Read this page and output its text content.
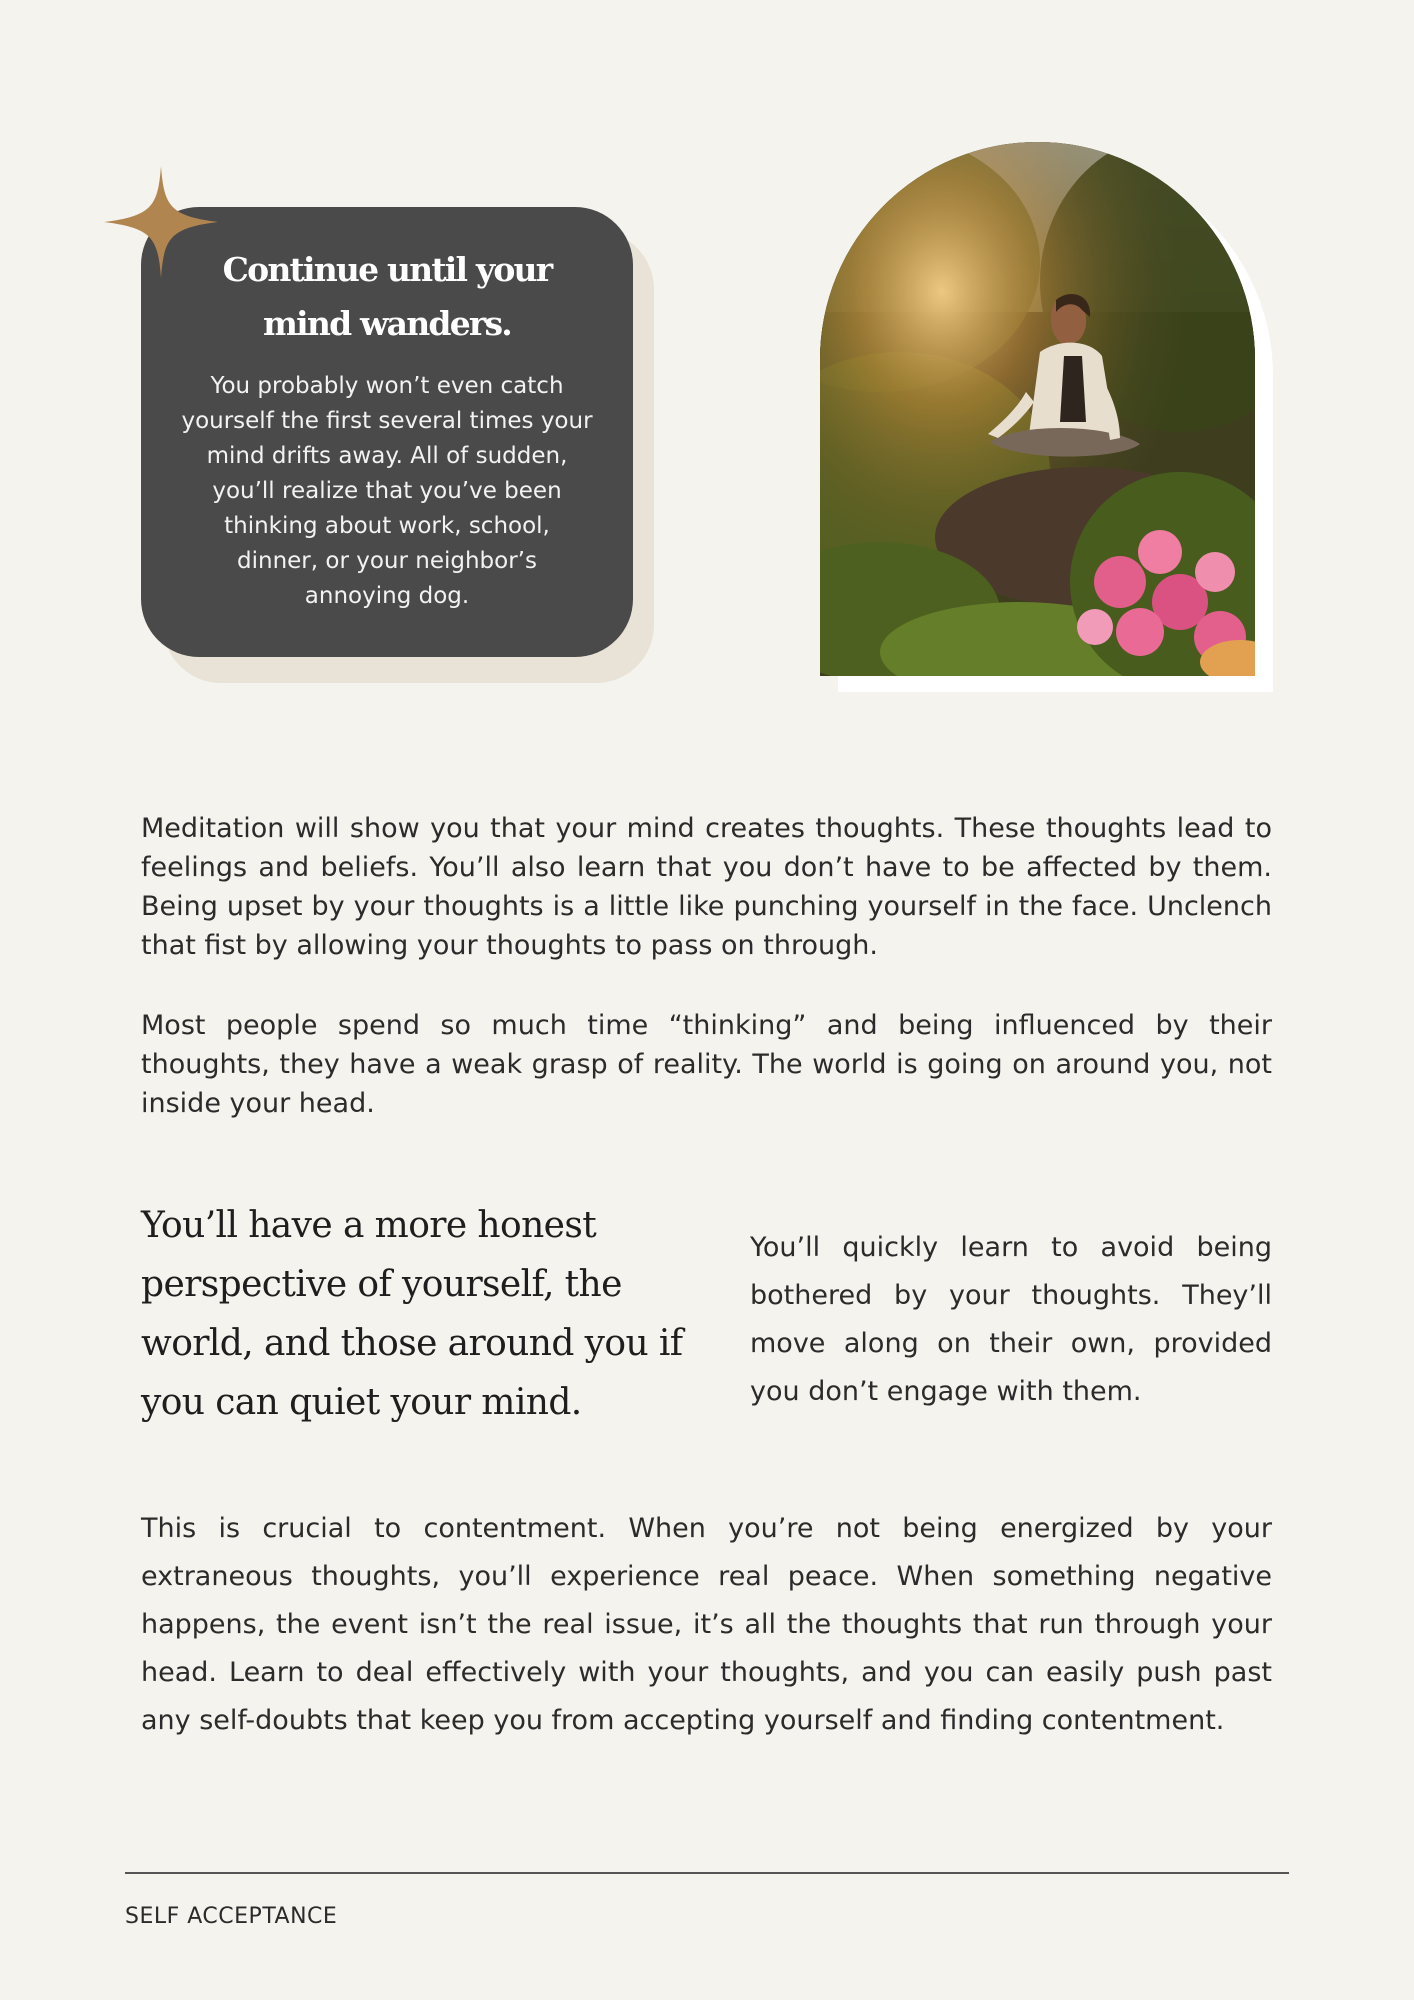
Continue until your mind wanders.

You probably won’t even catch yourself the first several times your mind drifts away. All of sudden, you’ll realize that you’ve been thinking about work, school, dinner, or your neighbor’s annoying dog.

Meditation will show you that your mind creates thoughts. These thoughts lead to feelings and beliefs. You’ll also learn that you don’t have to be affected by them. Being upset by your thoughts is a little like punching yourself in the face. Unclench that fist by allowing your thoughts to pass on through.

Most people spend so much time “thinking” and being influenced by their thoughts, they have a weak grasp of reality. The world is going on around you, not inside your head.

You’ll have a more honest perspective of yourself, the world, and those around you if you can quiet your mind.

You’ll quickly learn to avoid being bothered by your thoughts. They’ll move along on their own, provided you don’t engage with them.

This is crucial to contentment. When you’re not being energized by your extraneous thoughts, you’ll experience real peace. When something negative happens, the event isn’t the real issue, it’s all the thoughts that run through your head. Learn to deal effectively with your thoughts, and you can easily push past any self-doubts that keep you from accepting yourself and finding contentment.

SELF ACCEPTANCE
